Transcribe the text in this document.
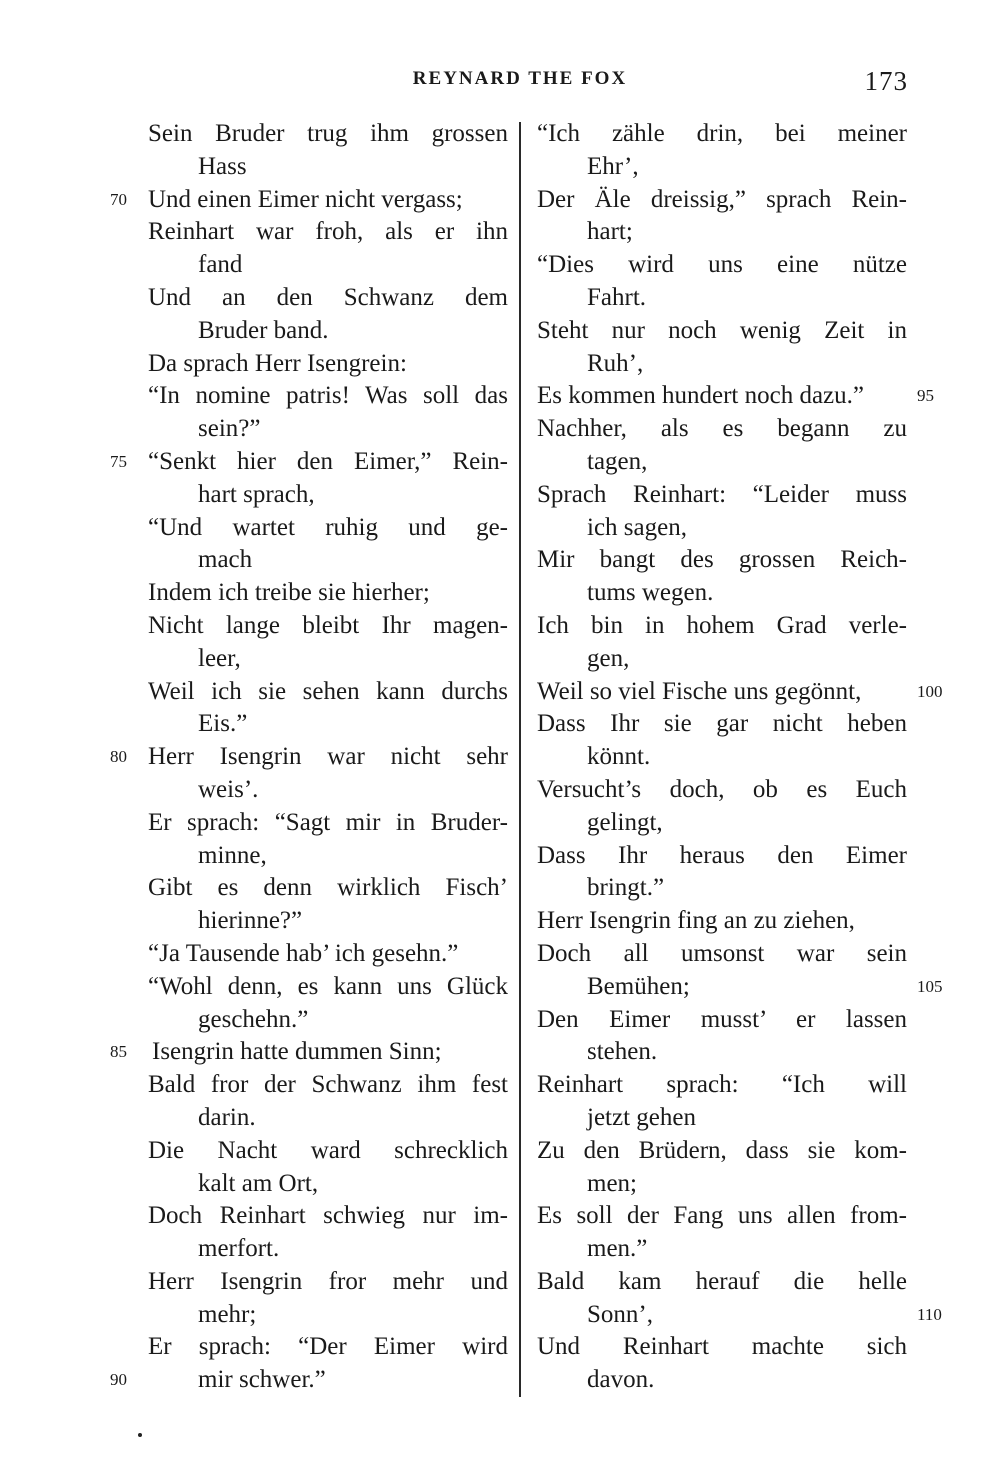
REYNARD THE FOX	173
Sein Bruder trug ihm grossen
Hass
Und einen Eimer nicht vergass;
70
Reinhart war froh, als er ihn
fand
Und an den Schwanz dem
Bruder band.
Da sprach Herr Isengrein:
“In nomine patris! Was soll das
sein?”
“Senkt hier den Eimer,” Rein-
75
hart sprach,
“Und wartet ruhig und ge-
mach
Indem ich treibe sie hierher;
Nicht lange bleibt Ihr magen-
leer,
Weil ich sie sehen kann durchs
Eis.”
Herr Isengrin war nicht sehr
80
weis’.
Er sprach: “Sagt mir in Bruder-
minne,
Gibt es denn wirklich Fisch’
hierinne?”
“Ja Tausende hab’ ich gesehn.”
“Wohl denn, es kann uns Glück
geschehn.”
Isengrin hatte dummen Sinn;
85
Bald fror der Schwanz ihm fest
darin.
Die Nacht ward schrecklich
kalt am Ort,
Doch Reinhart schwieg nur im-
merfort.
Herr Isengrin fror mehr und
mehr;
Er sprach: “Der Eimer wird
mir schwer.”
90
“Ich zähle drin, bei meiner
Ehr’,
Der Äle dreissig,” sprach Rein-
hart;
“Dies wird uns eine nütze
Fahrt.
Steht nur noch wenig Zeit in
Ruh’,
Es kommen hundert noch dazu.”	95
Nachher, als es begann zu
tagen,
Sprach Reinhart: “Leider muss
ich sagen,
Mir bangt des grossen Reich-
tums wegen.
Ich bin in hohem Grad verle-
gen,
Weil so viel Fische uns gegönnt,	100
Dass Ihr sie gar nicht heben
könnt.
Versucht’s doch, ob es Euch
gelingt,
Dass Ihr heraus den Eimer
bringt.”
Herr Isengrin fing an zu ziehen,
Doch all umsonst war sein
Bemühen;	105
Den Eimer musst’ er lassen
stehen.
Reinhart sprach: “Ich will
jetzt gehen
Zu den Brüdern, dass sie kom-
men;
Es soll der Fang uns allen from-
men.”
Bald kam herauf die helle
Sonn’,	110
Und Reinhart machte sich
davon.
